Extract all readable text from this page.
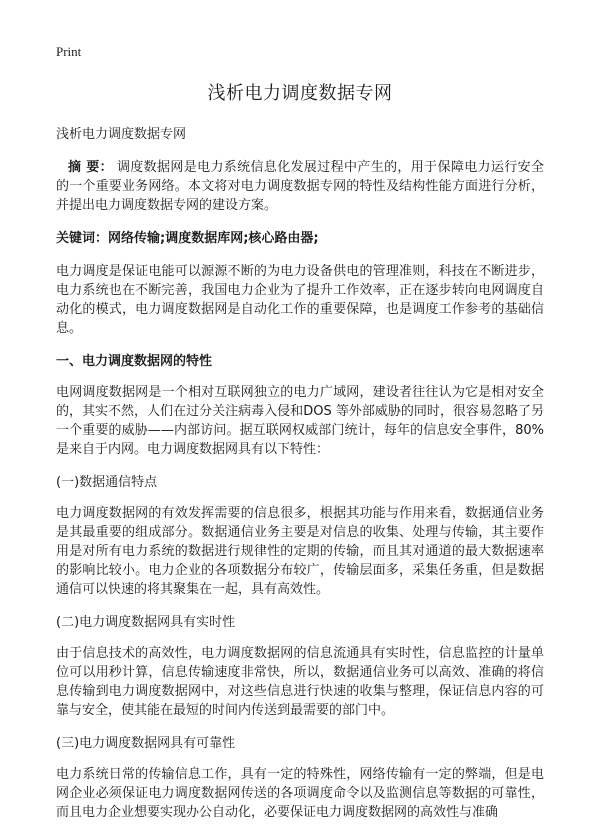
Print
浅析电力调度数据专网
浅析电力调度数据专网

摘 要： 调度数据网是电力系统信息化发展过程中产生的，用于保障电力运行安全的一个重要业务网络。本文将对电力调度数据专网的特性及结构性能方面进行分析，并提出电力调度数据专网的建设方案。

关键词：网络传输;调度数据库网;核心路由器;

电力调度是保证电能可以源源不断的为电力设备供电的管理准则，科技在不断进步，电力系统也在不断完善，我国电力企业为了提升工作效率，正在逐步转向电网调度自动化的模式，电力调度数据网是自动化工作的重要保障，也是调度工作参考的基础信息。

一、电力调度数据网的特性

电网调度数据网是一个相对互联网独立的电力广域网，建设者往往认为它是相对安全的，其实不然，人们在过分关注病毒入侵和DOS 等外部威胁的同时，很容易忽略了另一个重要的威胁——内部访问。据互联网权威部门统计，每年的信息安全事件，80%是来自于内网。电力调度数据网具有以下特性：

(一)数据通信特点

电力调度数据网的有效发挥需要的信息很多，根据其功能与作用来看，数据通信业务是其最重要的组成部分。数据通信业务主要是对信息的收集、处理与传输，其主要作用是对所有电力系统的数据进行规律性的定期的传输，而且其对通道的最大数据速率的影响比较小。电力企业的各项数据分布较广，传输层面多，采集任务重，但是数据通信可以快速的将其聚集在一起，具有高效性。

(二)电力调度数据网具有实时性

由于信息技术的高效性，电力调度数据网的信息流通具有实时性，信息监控的计量单位可以用秒计算，信息传输速度非常快，所以，数据通信业务可以高效、准确的将信息传输到电力调度数据网中，对这些信息进行快速的收集与整理，保证信息内容的可靠与安全，使其能在最短的时间内传送到最需要的部门中。

(三)电力调度数据网具有可靠性

电力系统日常的传输信息工作，具有一定的特殊性，网络传输有一定的弊端，但是电网企业必须保证电力调度数据网传送的各项调度命令以及监测信息等数据的可靠性，而且电力企业想要实现办公自动化，必要保证电力调度数据网的高效性与准确
